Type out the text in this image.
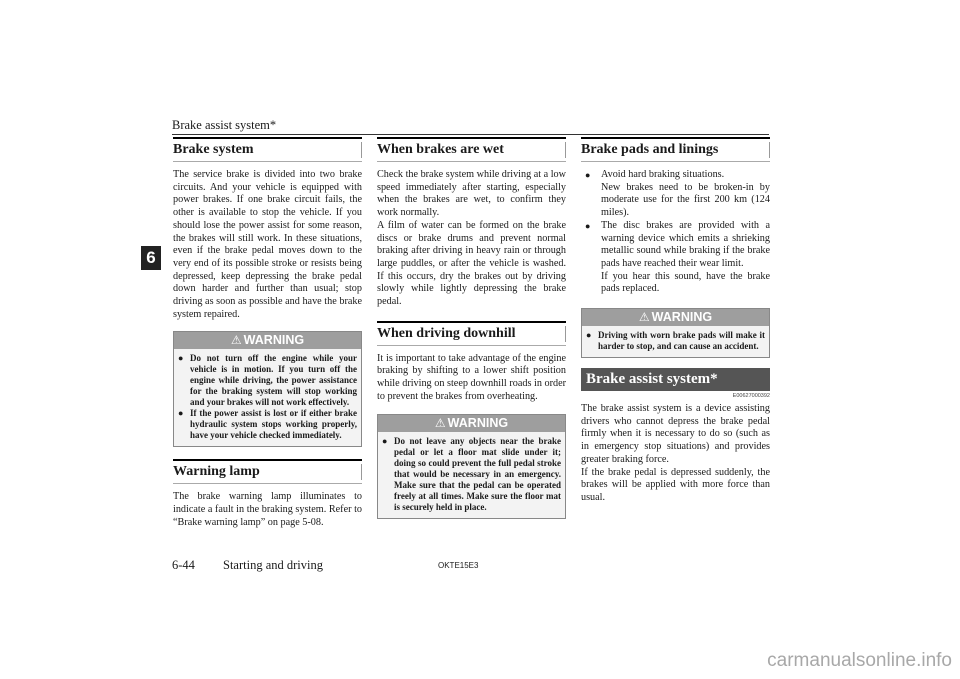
Brake assist system*
6
Brake system

The service brake is divided into two brake circuits. And your vehicle is equipped with power brakes. If one brake circuit fails, the other is available to stop the vehicle. If you should lose the power assist for some reason, the brakes will still work. In these situations, even if the brake pedal moves down to the very end of its possible stroke or resists being depressed, keep depressing the brake pedal down harder and further than usual; stop driving as soon as possible and have the brake system repaired.

⚠ WARNING
● Do not turn off the engine while your vehicle is in motion. If you turn off the engine while driving, the power assistance for the braking system will stop working and your brakes will not work effectively.
● If the power assist is lost or if either brake hydraulic system stops working properly, have your vehicle checked immediately.
Warning lamp

The brake warning lamp illuminates to indicate a fault in the braking system. Refer to “Brake warning lamp” on page 5-08.

When brakes are wet

Check the brake system while driving at a low speed immediately after starting, especially when the brakes are wet, to confirm they work normally.

A film of water can be formed on the brake discs or brake drums and prevent normal braking after driving in heavy rain or through large puddles, or after the vehicle is washed. If this occurs, dry the brakes out by driving slowly while lightly depressing the brake pedal.

When driving downhill

It is important to take advantage of the engine braking by shifting to a lower shift position while driving on steep downhill roads in order to prevent the brakes from overheating.

⚠ WARNING
● Do not leave any objects near the brake pedal or let a floor mat slide under it; doing so could prevent the full pedal stroke that would be necessary in an emergency. Make sure that the pedal can be operated freely at all times. Make sure the floor mat is securely held in place.
Brake pads and linings
● Avoid hard braking situations.
New brakes need to be broken-in by moderate use for the first 200 km (124 miles).
● The disc brakes are provided with a warning device which emits a shrieking metallic sound while braking if the brake pads have reached their wear limit.
If you hear this sound, have the brake pads replaced.
⚠ WARNING
● Driving with worn brake pads will make it harder to stop, and can cause an accident.
Brake assist system*
E00627000392

The brake assist system is a device assisting drivers who cannot depress the brake pedal firmly when it is necessary to do so (such as in emergency stop situations) and provides greater braking force.

If the brake pedal is depressed suddenly, the brakes will be applied with more force than usual.

6-44 Starting and driving	OKTE15E3
carmanualsonline.info
